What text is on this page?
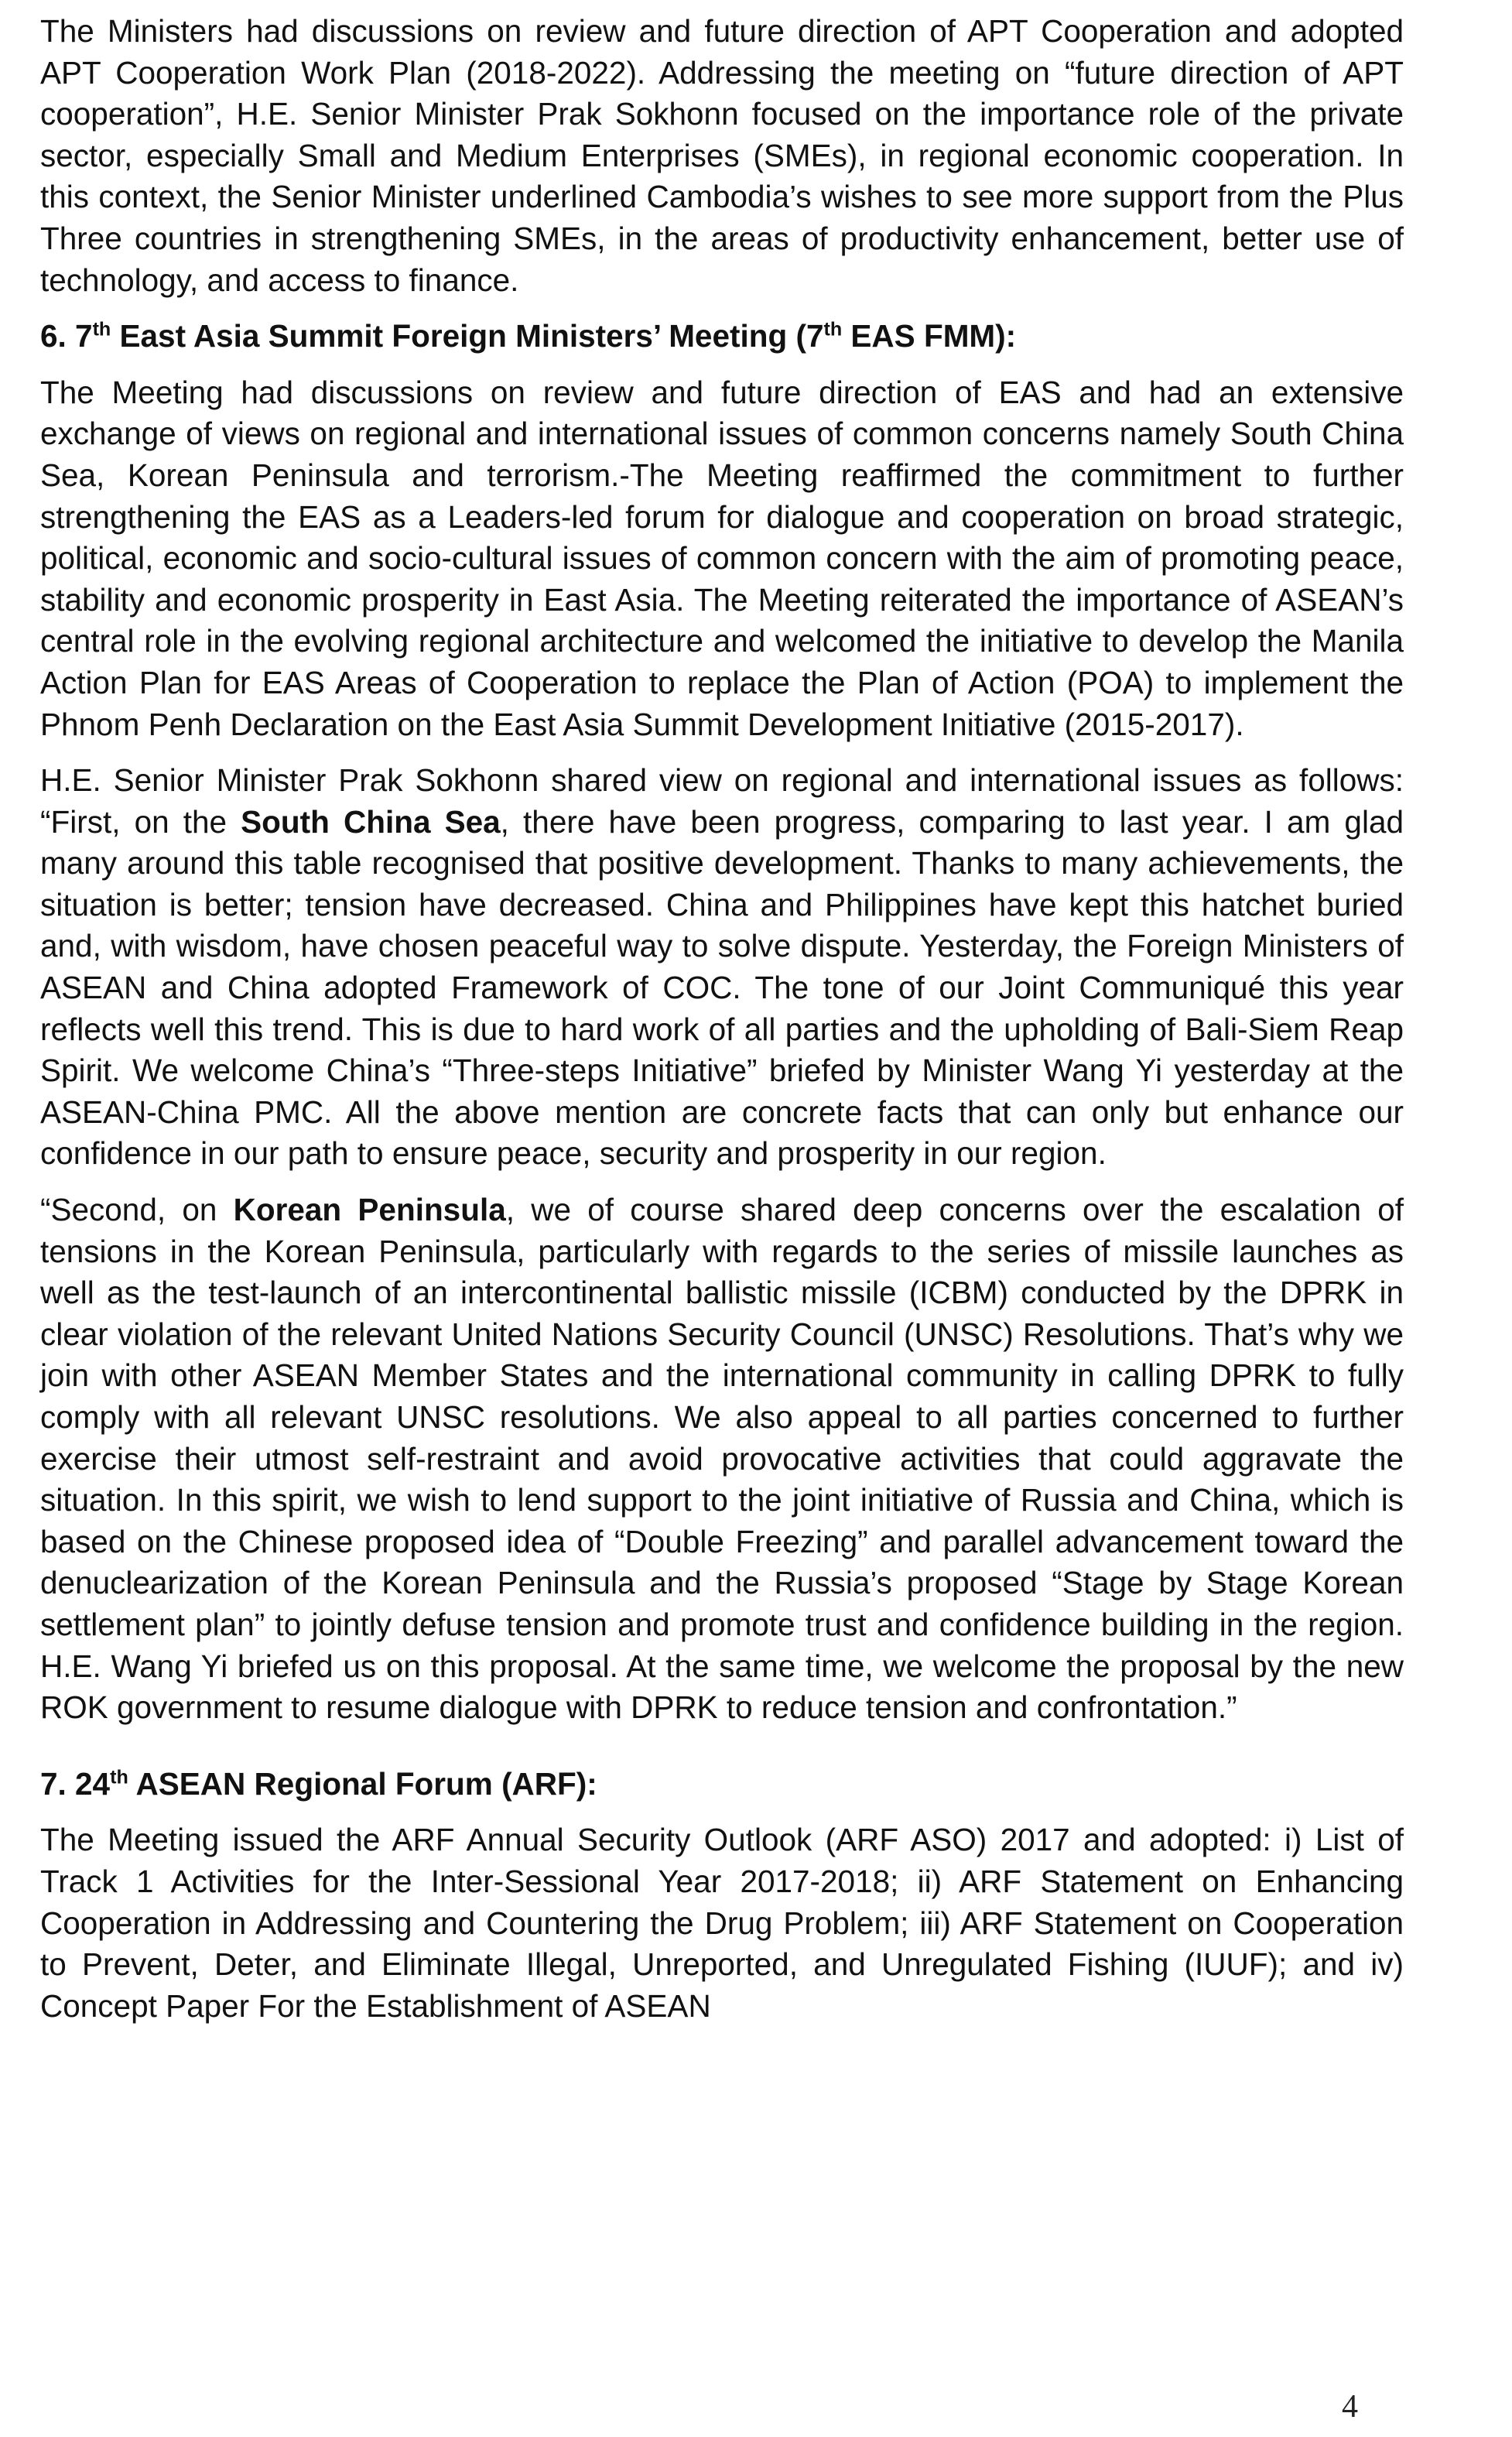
The Ministers had discussions on review and future direction of APT Cooperation and adopted APT Cooperation Work Plan (2018-2022). Addressing the meeting on “future direction of APT cooperation”, H.E. Senior Minister Prak Sokhonn focused on the importance role of the private sector, especially Small and Medium Enterprises (SMEs), in regional economic cooperation. In this context, the Senior Minister underlined Cambodia’s wishes to see more support from the Plus Three countries in strengthening SMEs, in the areas of productivity enhancement, better use of technology, and access to finance.

6. 7th East Asia Summit Foreign Ministers’ Meeting (7th EAS FMM):

The Meeting had discussions on review and future direction of EAS and had an extensive exchange of views on regional and international issues of common concerns namely South China Sea, Korean Peninsula and terrorism.-The Meeting reaffirmed the commitment to further strengthening the EAS as a Leaders-led forum for dialogue and cooperation on broad strategic, political, economic and socio-cultural issues of common concern with the aim of promoting peace, stability and economic prosperity in East Asia. The Meeting reiterated the importance of ASEAN’s central role in the evolving regional architecture and welcomed the initiative to develop the Manila Action Plan for EAS Areas of Cooperation to replace the Plan of Action (POA) to implement the Phnom Penh Declaration on the East Asia Summit Development Initiative (2015-2017).

H.E. Senior Minister Prak Sokhonn shared view on regional and international issues as follows: “First, on the South China Sea, there have been progress, comparing to last year. I am glad many around this table recognised that positive development. Thanks to many achievements, the situation is better; tension have decreased. China and Philippines have kept this hatchet buried and, with wisdom, have chosen peaceful way to solve dispute. Yesterday, the Foreign Ministers of ASEAN and China adopted Framework of COC. The tone of our Joint Communiqué this year reflects well this trend. This is due to hard work of all parties and the upholding of Bali-Siem Reap Spirit. We welcome China’s “Three-steps Initiative” briefed by Minister Wang Yi yesterday at the ASEAN-China PMC. All the above mention are concrete facts that can only but enhance our confidence in our path to ensure peace, security and prosperity in our region.

“Second, on Korean Peninsula, we of course shared deep concerns over the escalation of tensions in the Korean Peninsula, particularly with regards to the series of missile launches as well as the test-launch of an intercontinental ballistic missile (ICBM) conducted by the DPRK in clear violation of the relevant United Nations Security Council (UNSC) Resolutions. That’s why we join with other ASEAN Member States and the international community in calling DPRK to fully comply with all relevant UNSC resolutions. We also appeal to all parties concerned to further exercise their utmost self-restraint and avoid provocative activities that could aggravate the situation. In this spirit, we wish to lend support to the joint initiative of Russia and China, which is based on the Chinese proposed idea of “Double Freezing” and parallel advancement toward the denuclearization of the Korean Peninsula and the Russia’s proposed “Stage by Stage Korean settlement plan” to jointly defuse tension and promote trust and confidence building in the region. H.E. Wang Yi briefed us on this proposal. At the same time, we welcome the proposal by the new ROK government to resume dialogue with DPRK to reduce tension and confrontation.”

7. 24th ASEAN Regional Forum (ARF):

The Meeting issued the ARF Annual Security Outlook (ARF ASO) 2017 and adopted: i) List of Track 1 Activities for the Inter-Sessional Year 2017-2018; ii) ARF Statement on Enhancing Cooperation in Addressing and Countering the Drug Problem; iii) ARF Statement on Cooperation to Prevent, Deter, and Eliminate Illegal, Unreported, and Unregulated Fishing (IUUF); and iv) Concept Paper For the Establishment of ASEAN

4
